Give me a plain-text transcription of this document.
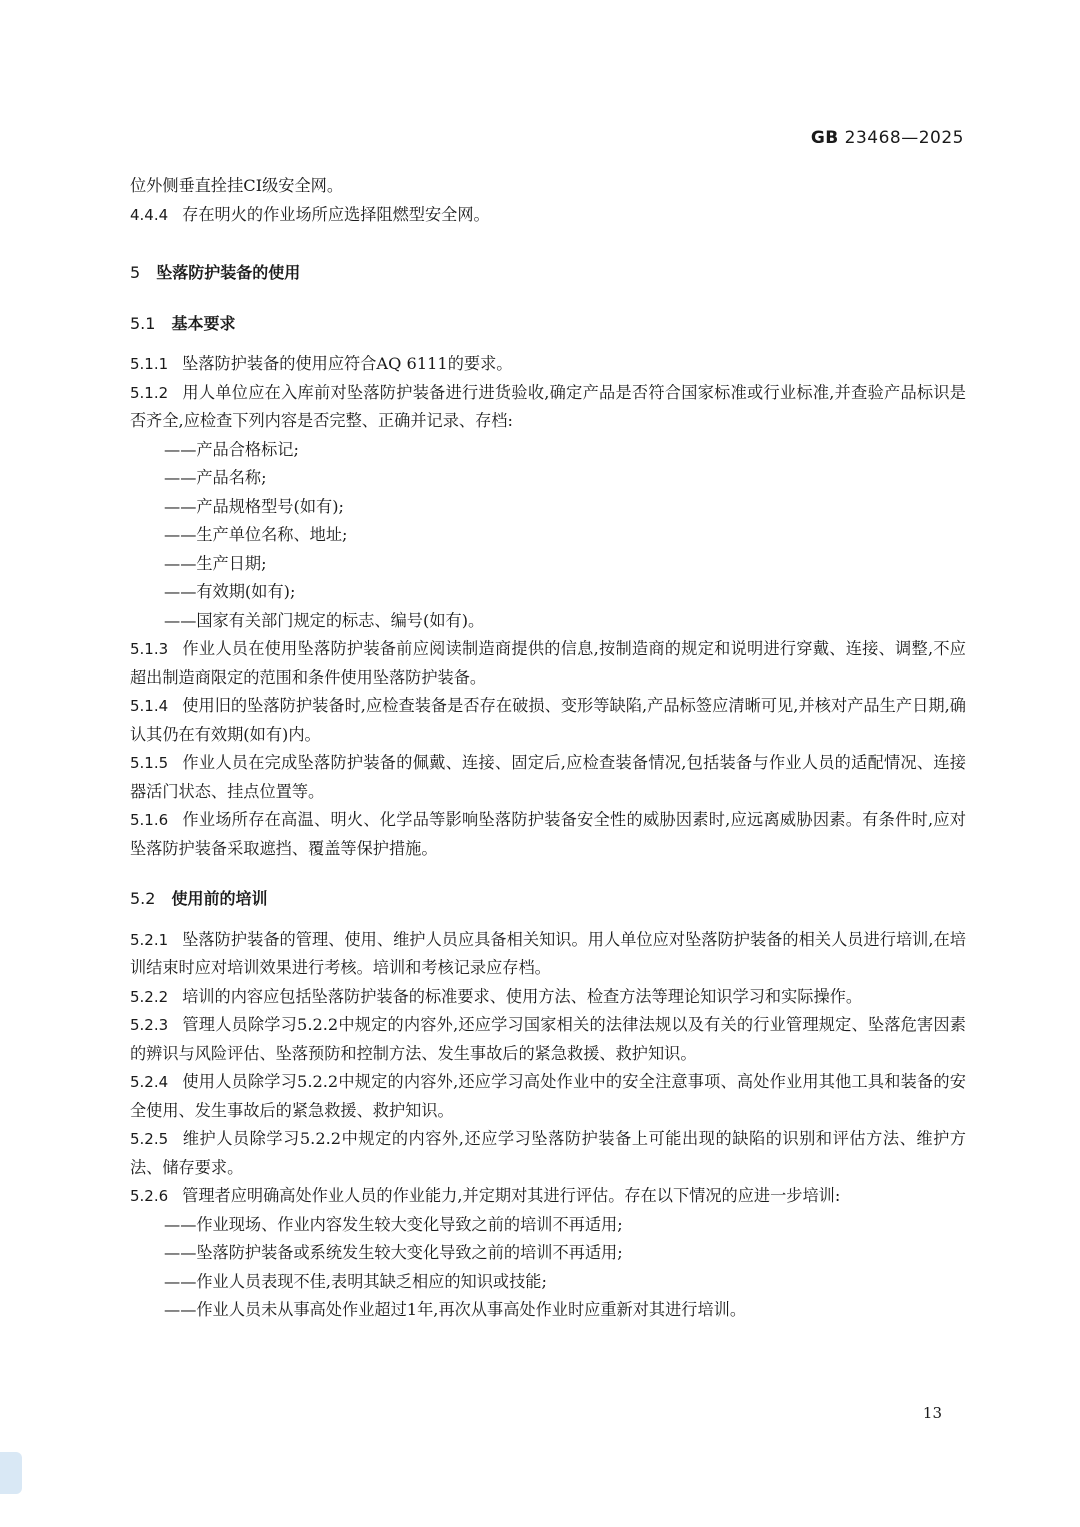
GB 23468—2025

位外侧垂直拴挂CⅠ级安全网。

4.4.4 存在明火的作业场所应选择阻燃型安全网。

5 坠落防护装备的使用

5.1 基本要求

5.1.1 坠落防护装备的使用应符合AQ 6111的要求。

5.1.2 用人单位应在入库前对坠落防护装备进行进货验收,确定产品是否符合国家标准或行业标准,并查验产品标识是否齐全,应检查下列内容是否完整、正确并记录、存档:

——产品合格标记;
——产品名称;
——产品规格型号(如有);
——生产单位名称、地址;
——生产日期;
——有效期(如有);
——国家有关部门规定的标志、编号(如有)。

5.1.3 作业人员在使用坠落防护装备前应阅读制造商提供的信息,按制造商的规定和说明进行穿戴、连接、调整,不应超出制造商限定的范围和条件使用坠落防护装备。

5.1.4 使用旧的坠落防护装备时,应检查装备是否存在破损、变形等缺陷,产品标签应清晰可见,并核对产品生产日期,确认其仍在有效期(如有)内。

5.1.5 作业人员在完成坠落防护装备的佩戴、连接、固定后,应检查装备情况,包括装备与作业人员的适配情况、连接器活门状态、挂点位置等。

5.1.6 作业场所存在高温、明火、化学品等影响坠落防护装备安全性的威胁因素时,应远离威胁因素。有条件时,应对坠落防护装备采取遮挡、覆盖等保护措施。

5.2 使用前的培训

5.2.1 坠落防护装备的管理、使用、维护人员应具备相关知识。用人单位应对坠落防护装备的相关人员进行培训,在培训结束时应对培训效果进行考核。培训和考核记录应存档。

5.2.2 培训的内容应包括坠落防护装备的标准要求、使用方法、检查方法等理论知识学习和实际操作。

5.2.3 管理人员除学习5.2.2中规定的内容外,还应学习国家相关的法律法规以及有关的行业管理规定、坠落危害因素的辨识与风险评估、坠落预防和控制方法、发生事故后的紧急救援、救护知识。

5.2.4 使用人员除学习5.2.2中规定的内容外,还应学习高处作业中的安全注意事项、高处作业用其他工具和装备的安全使用、发生事故后的紧急救援、救护知识。

5.2.5 维护人员除学习5.2.2中规定的内容外,还应学习坠落防护装备上可能出现的缺陷的识别和评估方法、维护方法、储存要求。

5.2.6 管理者应明确高处作业人员的作业能力,并定期对其进行评估。存在以下情况的应进一步培训:

——作业现场、作业内容发生较大变化导致之前的培训不再适用;
——坠落防护装备或系统发生较大变化导致之前的培训不再适用;
——作业人员表现不佳,表明其缺乏相应的知识或技能;
——作业人员未从事高处作业超过1年,再次从事高处作业时应重新对其进行培训。
13
